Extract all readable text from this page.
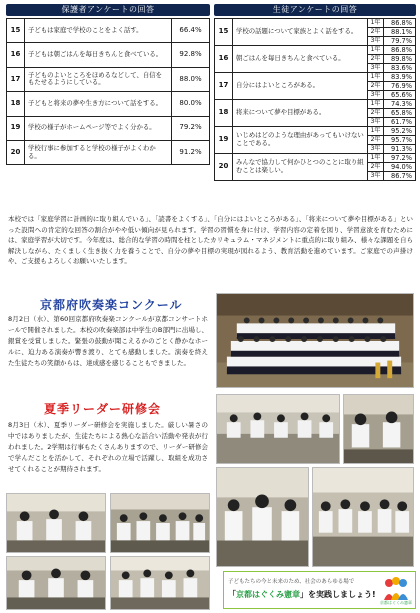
保護者アンケートの回答
15	子どもは家庭で学校のことをよく話す。	66.4%
16	子どもは朝ごはんを毎日きちんと食べている。	92.8%
17	子どものよいところをほめるなどして、自信をもたせるようにしている。	88.0%
18	子どもと将来の夢や生き方について話をする。	80.0%
19	学校の様子がホームページ等でよく分かる。	79.2%
20	学校行事に参加すると学校の様子がよくわかる。	91.2%
生徒アンケートの回答
15	学校の話題について家族とよく話をする。	1年	86.8%
		2年	88.1%
		3年	79.7%
16	朝ごはんを毎日きちんと食べている。	1年	86.8%
		2年	89.8%
		3年	83.6%
17	自分にはよいところがある。	1年	83.9%
		2年	76.9%
		3年	65.6%
18	将来について夢や目標がある。	1年	74.3%
		2年	65.8%
		3年	61.7%
19	いじめはどのような理由があってもいけないことである。	1年	95.2%
		2年	95.7%
		3年	91.3%
20	みんなで協力して何かひとつのことに取り組むことは楽しい。	1年	97.2%
		2年	94.0%
		3年	86.7%

本校では「家庭学習に計画的に取り組んでいる」、「読書をよくする」、「自分にはよいところがある」、「将来について夢や目標がある」といった設問への肯定的な回答の割合がやや低い傾向が見られます。学習の習慣を身に付け、学習内容の定着を図り、学習意欲を育むためには、家庭学習が大切です。今年度は、総合的な学習の時間を柱としたカリキュラム・マネジメントに重点的に取り組み、様々な課題を自ら解決しながら、たくましく生き抜く力を養うことで、自分の夢や目標の実現が図れるよう、教育活動を進めています。ご家庭での声掛けや、ご支援もよろしくお願いいたします。

京都府吹奏楽コンクール

8月2日（水）、第60回京都府吹奏楽コンクールが京都コンサートホールで開催されました。本校の吹奏楽部は中学生のB部門に出場し、銀賞を受賞しました。緊張の鼓動が聞こえるかのごとく静かなホールに、迫力ある演奏が響き渡り、とても感動しました。演奏を終えた生徒たちの笑顔からは、達成感を感じることもできました。

夏季リーダー研修会

8月3日（木）、夏季リーダー研修会を実施しました。厳しい暑さの中ではありましたが、生徒たちによる熱心な話合い活動や発表が行われました。2学期は行事もたくさんありますので、リーダー研修会で学んだことを活かして、それぞれの立場で活躍し、取組を成功させてくれることが期待されます。

子どもたちの今と未来のため、社会のあらゆる場で
「京都はぐくみ憲章」を実践しましょう!
京都はぐくみ憲章
